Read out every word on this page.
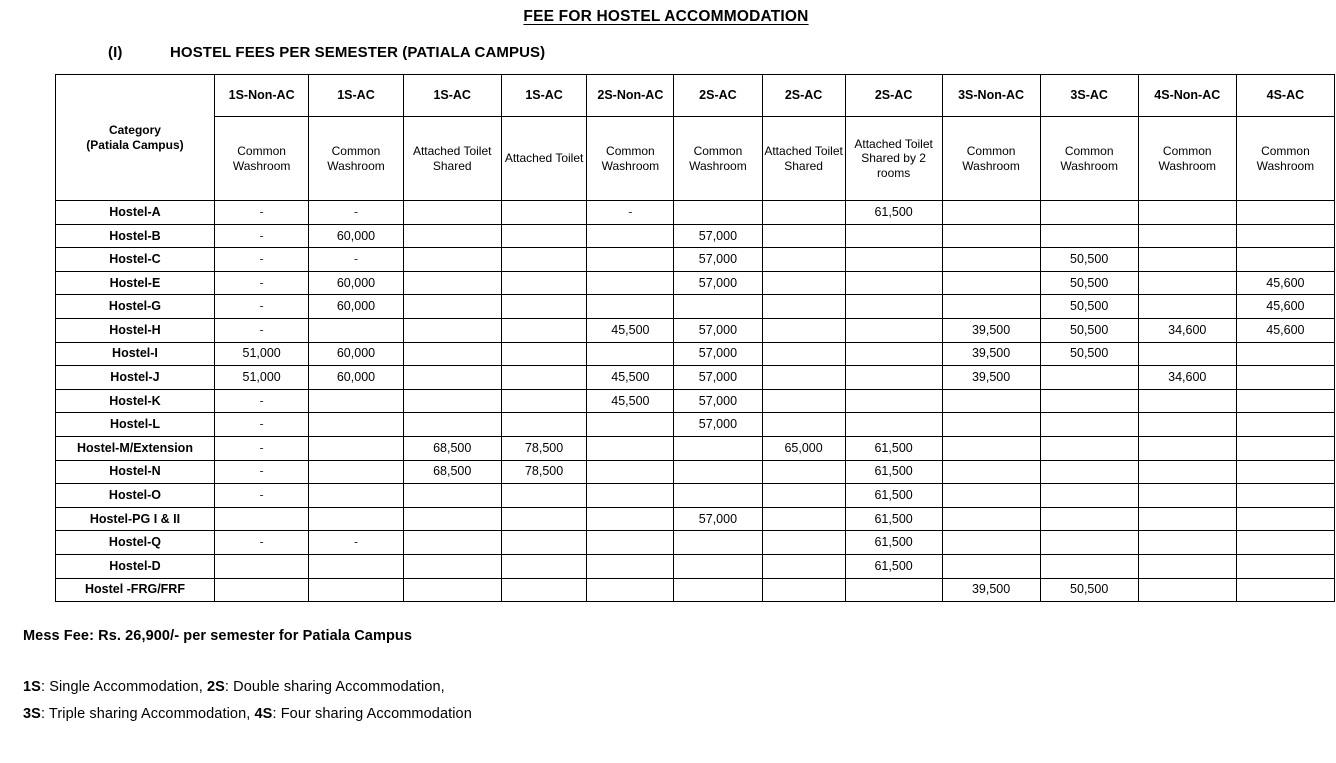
FEE FOR HOSTEL ACCOMMODATION
(I)	HOSTEL FEES PER SEMESTER (PATIALA CAMPUS)
Category
(Patiala Campus)	1S-Non-AC	1S-AC	1S-AC	1S-AC	2S-Non-AC	2S-AC	2S-AC	2S-AC	3S-Non-AC	3S-AC	4S-Non-AC	4S-AC
	Common Washroom	Common Washroom	Attached Toilet Shared	Attached Toilet	Common Washroom	Common Washroom	Attached Toilet Shared	Attached Toilet Shared by 2 rooms	Common Washroom	Common Washroom	Common Washroom	Common Washroom
Hostel-A	-	-			-			61,500				
Hostel-B	-	60,000				57,000						
Hostel-C	-	-				57,000				50,500		
Hostel-E	-	60,000				57,000				50,500		45,600
Hostel-G	-	60,000								50,500		45,600
Hostel-H	-				45,500	57,000			39,500	50,500	34,600	45,600
Hostel-I	51,000	60,000				57,000			39,500	50,500		
Hostel-J	51,000	60,000			45,500	57,000			39,500		34,600	
Hostel-K	-				45,500	57,000						
Hostel-L	-					57,000						
Hostel-M/Extension	-		68,500	78,500			65,000	61,500				
Hostel-N	-		68,500	78,500				61,500				
Hostel-O	-							61,500				
Hostel-PG I & II						57,000		61,500				
Hostel-Q	-	-						61,500				
Hostel-D								61,500				
Hostel -FRG/FRF									39,500	50,500		
Mess Fee: Rs. 26,900/- per semester for Patiala Campus
1S: Single Accommodation, 2S: Double sharing Accommodation,
3S: Triple sharing Accommodation, 4S: Four sharing Accommodation
